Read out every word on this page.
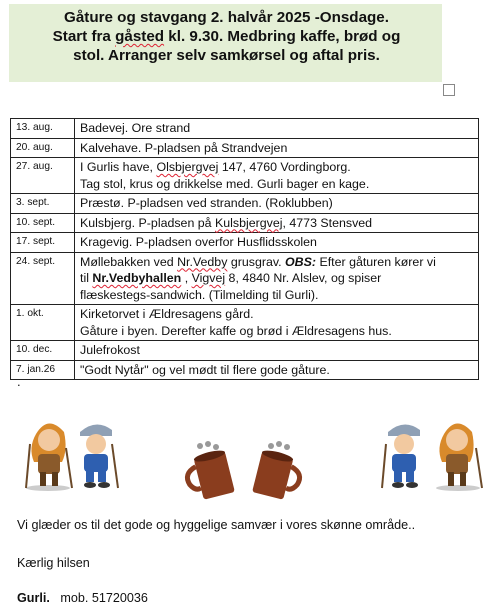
Gåture og stavgang 2. halvår 2025 -Onsdage.
Start fra gåsted kl. 9.30. Medbring kaffe, brød og
stol. Arranger selv samkørsel og aftal pris.
13. aug.	Badevej. Ore strand
20. aug.	Kalvehave. P-pladsen på Strandvejen
27. aug.	I Gurlis have, Olsbjergvej 147, 4760 Vordingborg.
Tag stol, krus og drikkelse med. Gurli bager en kage.
3. sept.	Præstø. P-pladsen ved stranden. (Roklubben)
10. sept.	Kulsbjerg. P-pladsen på Kulsbjergvej, 4773 Stensved
17. sept.	Kragevig. P-pladsen overfor Husflidsskolen
24. sept.	Møllebakken ved Nr.Vedby grusgrav. OBS: Efter gåturen kører vi
til Nr.Vedbyhallen , Vigvej 8, 4840 Nr. Alslev, og spiser
flæskestegs-sandwich. (Tilmelding til Gurli).
1. okt.	Kirketorvet i Ældresagens gård.
Gåture i byen. Derefter kaffe og brød i Ældresagens hus.
10. dec.	Julefrokost
7. jan.26	"Godt Nytår" og vel mødt til flere gode gåture.
.
Vi glæder os til det gode og hyggelige samvær i vores skønne område..
Kærlig hilsen
Gurli. mob. 51720036
